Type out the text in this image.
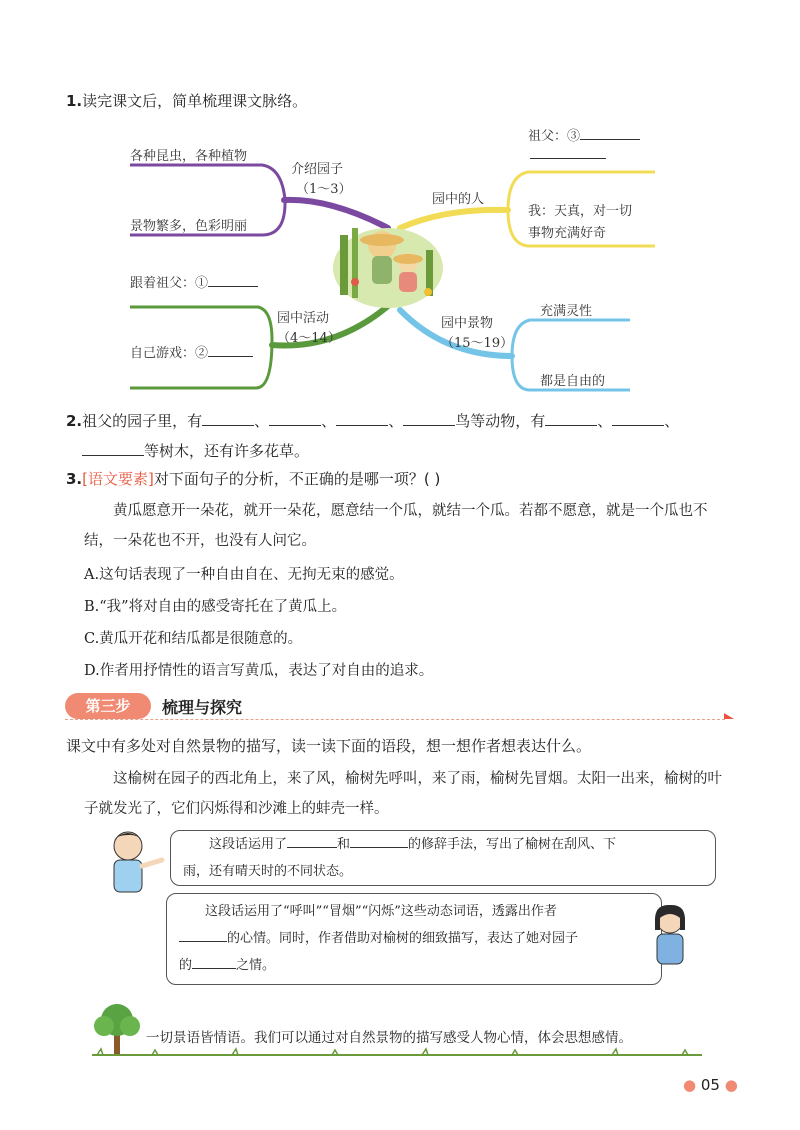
1.读完课文后，简单梳理课文脉络。
各种昆虫，各种植物
景物繁多，色彩明丽
介绍园子
（1～3）
跟着祖父：①
自己游戏：②
园中活动
（4～14）
园中的人
祖父：③
我：天真，对一切
事物充满好奇
园中景物
（15～19）
充满灵性
都是自由的
2.祖父的园子里，有	、	、	、	鸟等动物，有	、	、
等树木，还有许多花草。
3.[语文要素]对下面句子的分析，不正确的是哪一项？( )
黄瓜愿意开一朵花，就开一朵花，愿意结一个瓜，就结一个瓜。若都不愿意，就是一个瓜也不结，一朵花也不开，也没有人问它。
A.这句话表现了一种自由自在、无拘无束的感觉。
B.“我”将对自由的感受寄托在了黄瓜上。
C.黄瓜开花和结瓜都是很随意的。
D.作者用抒情性的语言写黄瓜，表达了对自由的追求。
第三步	梳理与探究
课文中有多处对自然景物的描写，读一读下面的语段，想一想作者想表达什么。
这榆树在园子的西北角上，来了风，榆树先呼叫，来了雨，榆树先冒烟。太阳一出来，榆树的叶子就发光了，它们闪烁得和沙滩上的蚌壳一样。
这段话运用了	和	的修辞手法，写出了榆树在刮风、下
雨，还有晴天时的不同状态。
这段话运用了“呼叫”“冒烟”“闪烁”这些动态词语，透露出作者
的心情。同时，作者借助对榆树的细致描写，表达了她对园子
的	之情。
一切景语皆情语。我们可以通过对自然景物的描写感受人物心情，体会思想感情。
● 05 ●
